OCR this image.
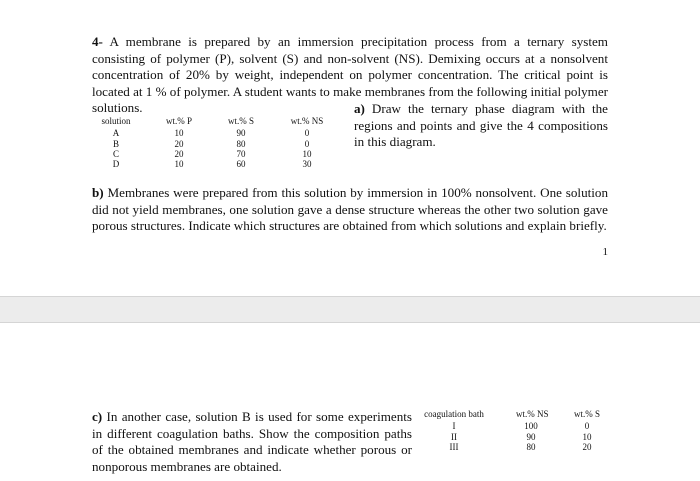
4- A membrane is prepared by an immersion precipitation process from a ternary system consisting of polymer (P), solvent (S) and non-solvent (NS). Demixing occurs at a nonsolvent concentration of 20% by weight, independent on polymer concentration. The critical point is located at 1 % of polymer. A student wants to make membranes from the following initial polymer solutions.

solution
A
B
C
D
wt.% P
10
20
20
10
wt.% S
90
80
70
60
wt.% NS
0
0
10
30

a) Draw the ternary phase diagram with the regions and points and give the 4 compositions in this diagram.

b) Membranes were prepared from this solution by immersion in 100% nonsolvent. One solution did not yield membranes, one solution gave a dense structure whereas the other two solution gave porous structures. Indicate which structures are obtained from which solutions and explain briefly.

1

c) In another case, solution B is used for some experiments in different coagulation baths. Show the composition paths of the obtained membranes and indicate whether porous or nonporous membranes are obtained.

coagulation bath
I
II
III
wt.% NS
100
90
80
wt.% S
0
10
20
